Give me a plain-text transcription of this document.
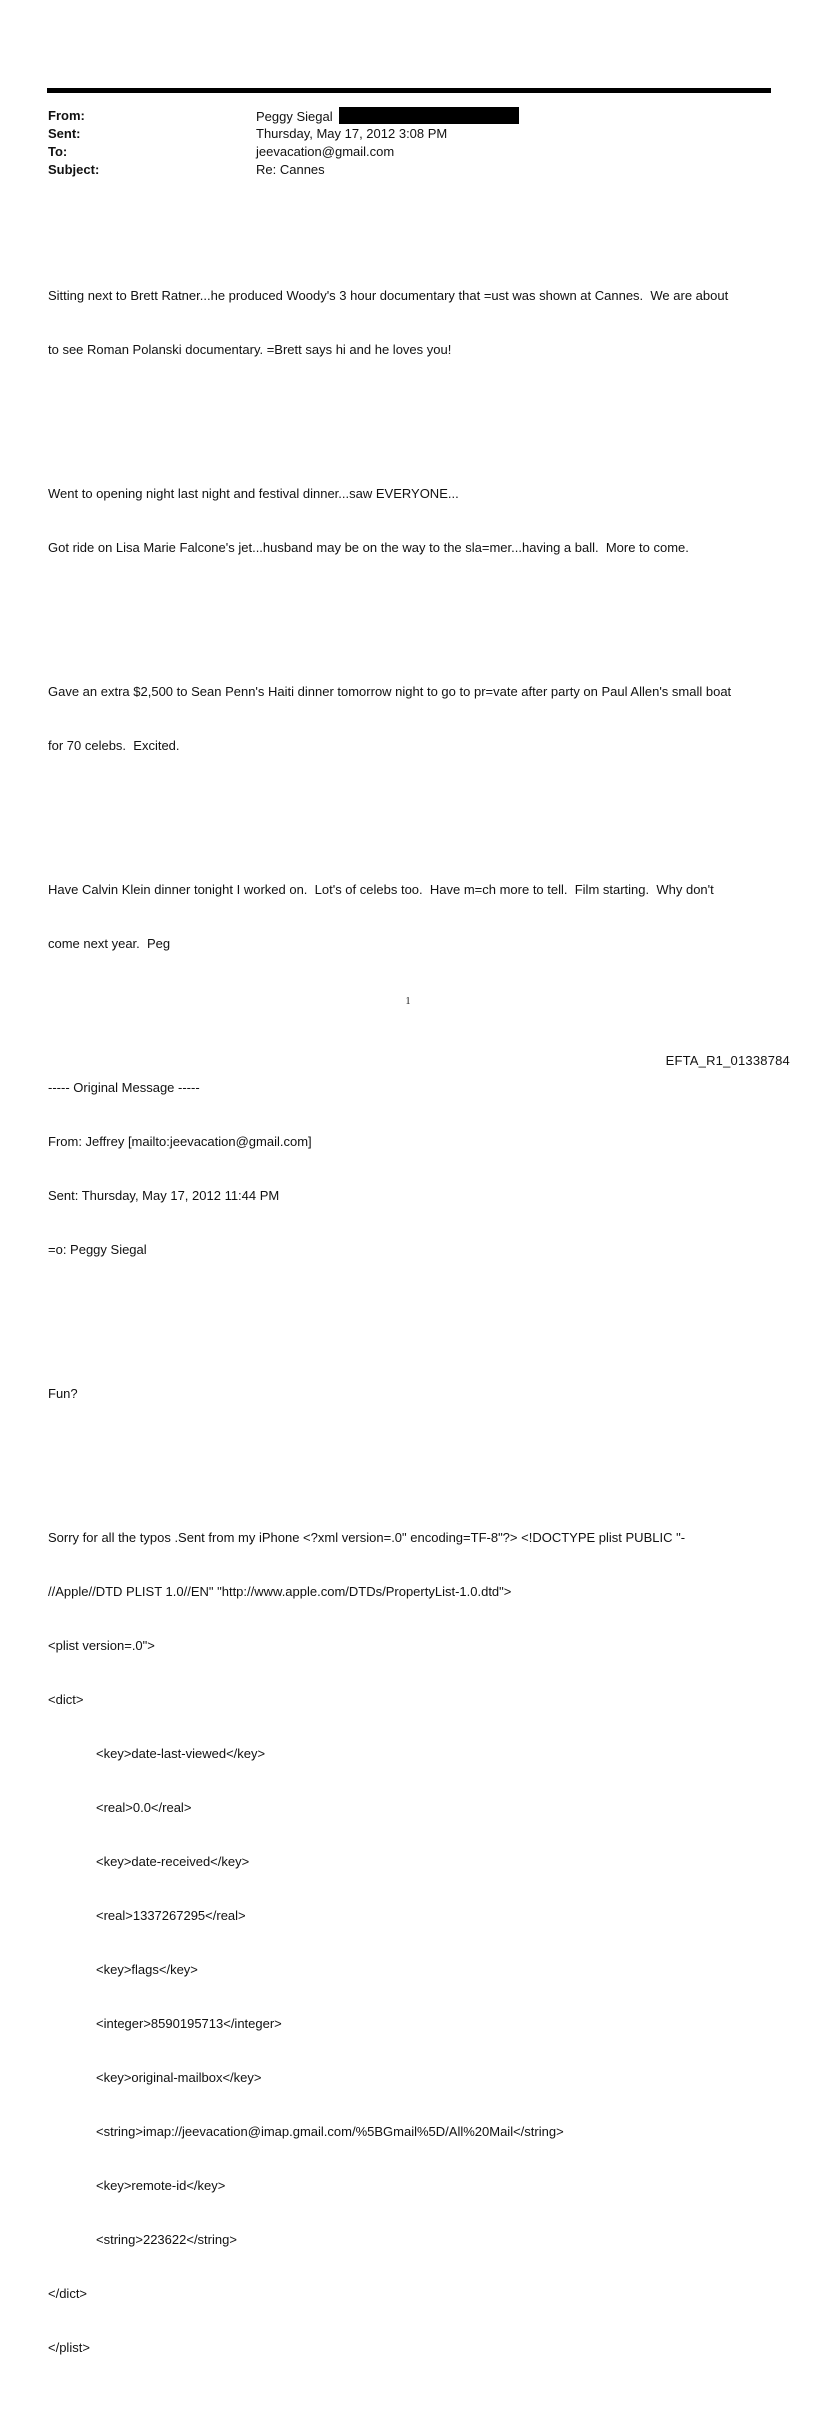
From:	Peggy Siegal
Sent:	Thursday, May 17, 2012 3:08 PM
To:	jeevacation@gmail.com
Subject:	Re: Cannes

Sitting next to Brett Ratner...he produced Woody's 3 hour documentary that =ust was shown at Cannes.  We are about

to see Roman Polanski documentary. =Brett says hi and he loves you!

Went to opening night last night and festival dinner...saw EVERYONE...

Got ride on Lisa Marie Falcone's jet...husband may be on the way to the sla=mer...having a ball.  More to come.

Gave an extra $2,500 to Sean Penn's Haiti dinner tomorrow night to go to pr=vate after party on Paul Allen's small boat

for 70 celebs.  Excited.

Have Calvin Klein dinner tonight I worked on.  Lot's of celebs too.  Have m=ch more to tell.  Film starting.  Why don't

come next year.  Peg

----- Original Message -----

From: Jeffrey [mailto:jeevacation@gmail.com]

Sent: Thursday, May 17, 2012 11:44 PM

=o: Peggy Siegal

Fun?

Sorry for all the typos .Sent from my iPhone <?xml version=.0" encoding=TF-8"?> <!DOCTYPE plist PUBLIC "-

//Apple//DTD PLIST 1.0//EN" "http://www.apple.com/DTDs/PropertyList-1.0.dtd">

<plist version=.0">

<dict>

<key>date-last-viewed</key>

<real>0.0</real>

<key>date-received</key>

<real>1337267295</real>

<key>flags</key>

<integer>8590195713</integer>

<key>original-mailbox</key>

<string>imap://jeevacation@imap.gmail.com/%5BGmail%5D/All%20Mail</string>

<key>remote-id</key>

<string>223622</string>

</dict>

</plist>

1
EFTA_R1_01338784
